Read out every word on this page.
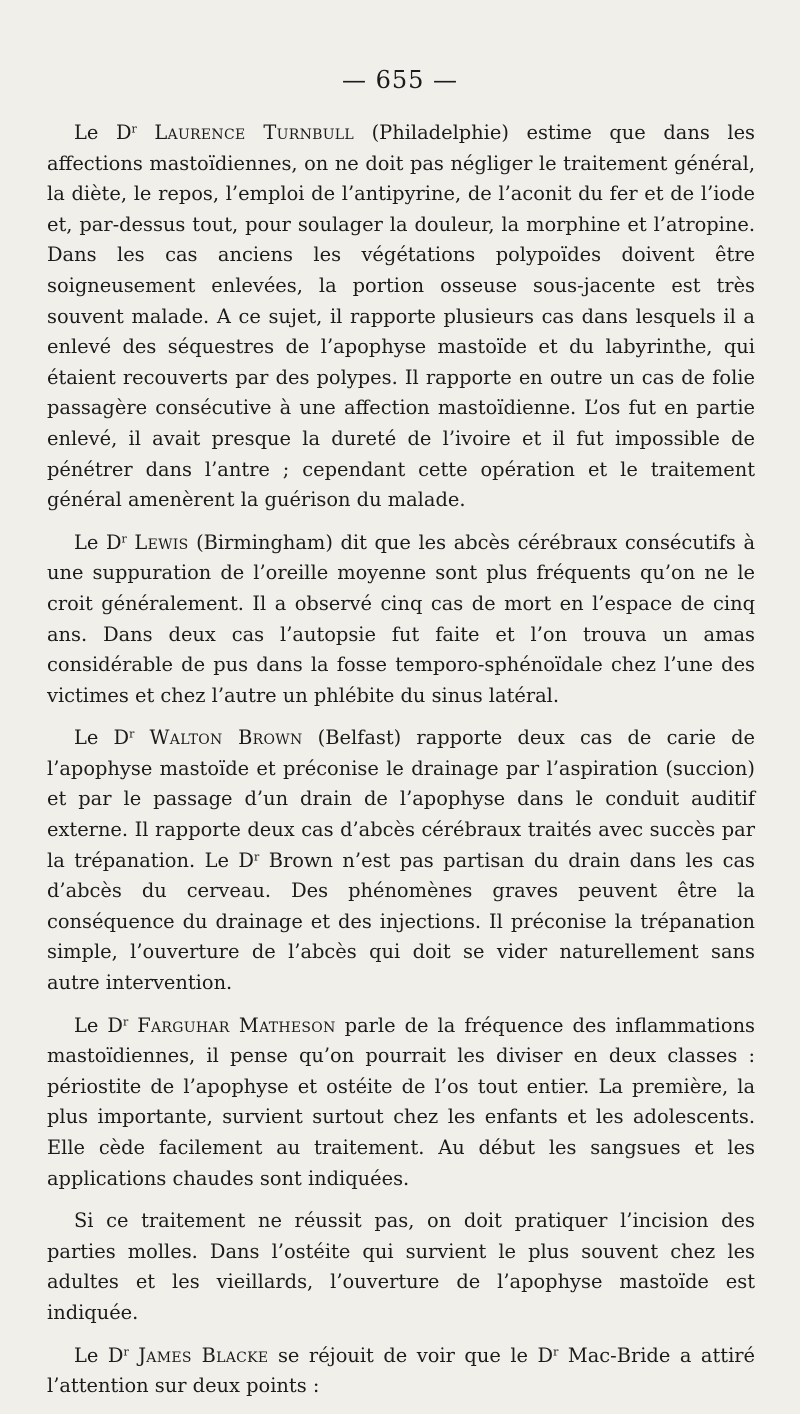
— 655 —

Le $D^r$ Laurence Turnbull (Philadelphie) estime que dans les affections mastoïdiennes, on ne doit pas négliger le traitement général, la diète, le repos, l’emploi de l’antipyrine, de l’aconit du fer et de l’iode et, par-dessus tout, pour soulager la douleur, la morphine et l’atropine. Dans les cas anciens les végétations polypoïdes doivent être soigneusement enlevées, la portion osseuse sous-jacente est très souvent malade. A ce sujet, il rapporte plusieurs cas dans lesquels il a enlevé des séquestres de l’apophyse mastoïde et du labyrinthe, qui étaient recouverts par des polypes. Il rapporte en outre un cas de folie passagère consécutive à une affection mastoïdienne. L’os fut en partie enlevé, il avait presque la dureté de l’ivoire et il fut impossible de pénétrer dans l’antre ; cependant cette opération et le traitement général amenèrent la guérison du malade.

Le $D^r$ Lewis (Birmingham) dit que les abcès cérébraux consécutifs à une suppuration de l’oreille moyenne sont plus fréquents qu’on ne le croit généralement. Il a observé cinq cas de mort en l’espace de cinq ans. Dans deux cas l’autopsie fut faite et l’on trouva un amas considérable de pus dans la fosse temporo-sphénoïdale chez l’une des victimes et chez l’autre un phlébite du sinus latéral.

Le $D^r$ Walton Brown (Belfast) rapporte deux cas de carie de l’apophyse mastoïde et préconise le drainage par l’aspiration (succion) et par le passage d’un drain de l’apophyse dans le conduit auditif externe. Il rapporte deux cas d’abcès cérébraux traités avec succès par la trépanation. Le $D^r$ Brown n’est pas partisan du drain dans les cas d’abcès du cerveau. Des phénomènes graves peuvent être la conséquence du drainage et des injections. Il préconise la trépanation simple, l’ouverture de l’abcès qui doit se vider naturellement sans autre intervention.

Le $D^r$ Farguhar Matheson parle de la fréquence des inflammations mastoïdiennes, il pense qu’on pourrait les diviser en deux classes : périostite de l’apophyse et ostéite de l’os tout entier. La première, la plus importante, survient surtout chez les enfants et les adolescents. Elle cède facilement au traitement. Au début les sangsues et les applications chaudes sont indiquées.

Si ce traitement ne réussit pas, on doit pratiquer l’incision des parties molles. Dans l’ostéite qui survient le plus souvent chez les adultes et les vieillards, l’ouverture de l’apophyse mastoïde est indiquée.

Le $D^r$ James Blacke se réjouit de voir que le $D^r$ Mac-Bride a attiré l’attention sur deux points :
